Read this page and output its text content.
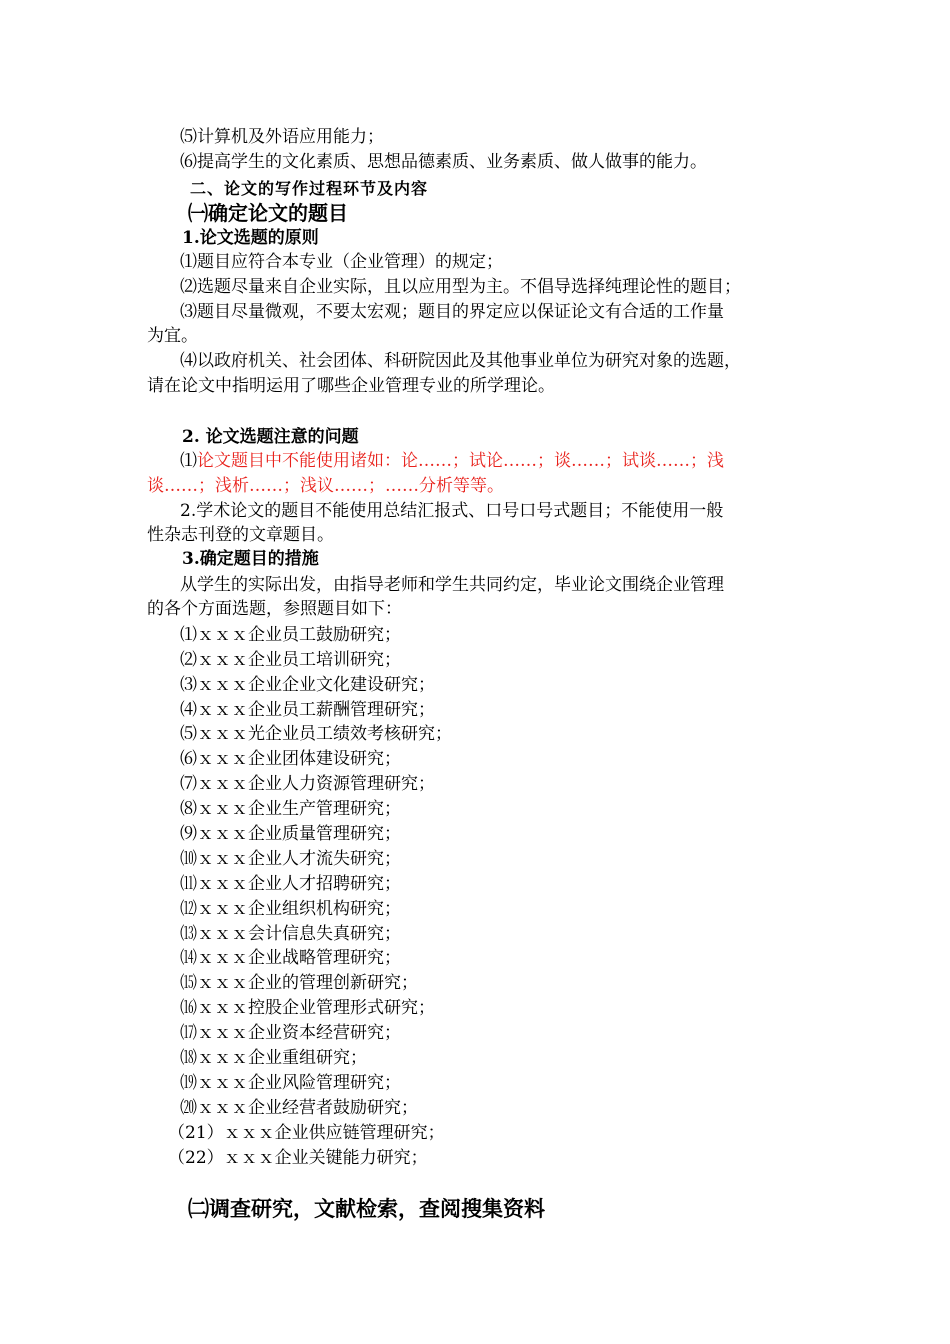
⑸计算机及外语应用能力；
⑹提高学生的文化素质、思想品德素质、业务素质、做人做事的能力。
二、论文的写作过程环节及内容
㈠确定论文的题目
1.论文选题的原则
⑴题目应符合本专业（企业管理）的规定；
⑵选题尽量来自企业实际，且以应用型为主。不倡导选择纯理论性的题目；
⑶题目尽量微观，不要太宏观；题目的界定应以保证论文有合适的工作量
为宜。
⑷以政府机关、社会团体、科研院因此及其他事业单位为研究对象的选题，
请在论文中指明运用了哪些企业管理专业的所学理论。
2. 论文选题注意的问题
⑴论文题目中不能使用诸如：论……；试论……；谈……；试谈……；浅
谈……；浅析……；浅议……；……分析等等。
2.学术论文的题目不能使用总结汇报式、口号口号式题目；不能使用一般
性杂志刊登的文章题目。
3.确定题目的措施
从学生的实际出发，由指导老师和学生共同约定，毕业论文围绕企业管理
的各个方面选题，参照题目如下：
⑴ｘｘｘ企业员工鼓励研究；
⑵ｘｘｘ企业员工培训研究；
⑶ｘｘｘ企业企业文化建设研究；
⑷ｘｘｘ企业员工薪酬管理研究；
⑸ｘｘｘ光企业员工绩效考核研究；
⑹ｘｘｘ企业团体建设研究；
⑺ｘｘｘ企业人力资源管理研究；
⑻ｘｘｘ企业生产管理研究；
⑼ｘｘｘ企业质量管理研究；
⑽ｘｘｘ企业人才流失研究；
⑾ｘｘｘ企业人才招聘研究；
⑿ｘｘｘ企业组织机构研究；
⒀ｘｘｘ会计信息失真研究；
⒁ｘｘｘ企业战略管理研究；
⒂ｘｘｘ企业的管理创新研究；
⒃ｘｘｘ控股企业管理形式研究；
⒄ｘｘｘ企业资本经营研究；
⒅ｘｘｘ企业重组研究；
⒆ｘｘｘ企业风险管理研究；
⒇ｘｘｘ企业经营者鼓励研究；
（21）ｘｘｘ企业供应链管理研究；
（22）ｘｘｘ企业关键能力研究；
㈡调查研究，文献检索，查阅搜集资料
